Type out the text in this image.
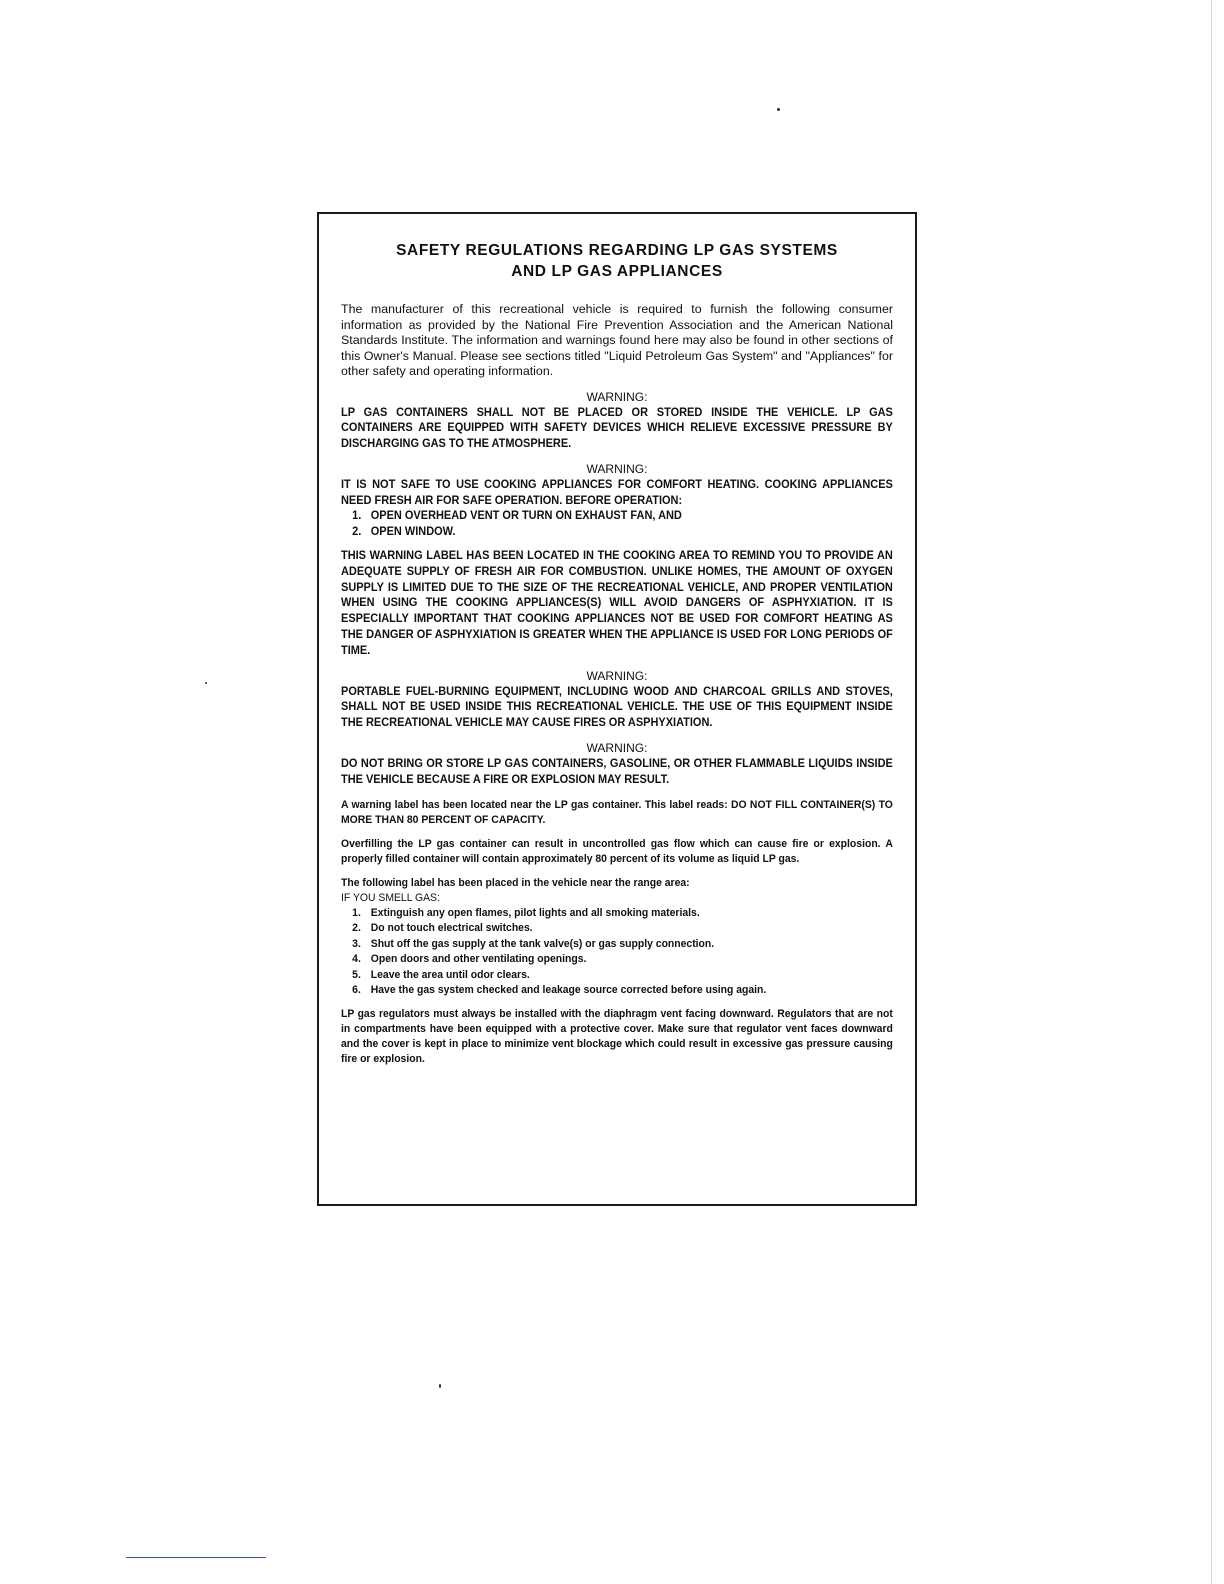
SAFETY REGULATIONS REGARDING LP GAS SYSTEMS
AND LP GAS APPLIANCES

The manufacturer of this recreational vehicle is required to furnish the following consumer information as provided by the National Fire Prevention Association and the American National Standards Institute. The information and warnings found here may also be found in other sections of this Owner's Manual. Please see sections titled "Liquid Petroleum Gas System" and "Appliances" for other safety and operating information.

WARNING:

LP GAS CONTAINERS SHALL NOT BE PLACED OR STORED INSIDE THE VEHICLE. LP GAS CONTAINERS ARE EQUIPPED WITH SAFETY DEVICES WHICH RELIEVE EXCESSIVE PRESSURE BY DISCHARGING GAS TO THE ATMOSPHERE.

WARNING:

IT IS NOT SAFE TO USE COOKING APPLIANCES FOR COMFORT HEATING. COOKING APPLIANCES NEED FRESH AIR FOR SAFE OPERATION. BEFORE OPERATION:

1. OPEN OVERHEAD VENT OR TURN ON EXHAUST FAN, AND
2. OPEN WINDOW.

THIS WARNING LABEL HAS BEEN LOCATED IN THE COOKING AREA TO REMIND YOU TO PROVIDE AN ADEQUATE SUPPLY OF FRESH AIR FOR COMBUSTION. UNLIKE HOMES, THE AMOUNT OF OXYGEN SUPPLY IS LIMITED DUE TO THE SIZE OF THE RECREATIONAL VEHICLE, AND PROPER VENTILATION WHEN USING THE COOKING APPLIANCES(S) WILL AVOID DANGERS OF ASPHYXIATION. IT IS ESPECIALLY IMPORTANT THAT COOKING APPLIANCES NOT BE USED FOR COMFORT HEATING AS THE DANGER OF ASPHYXIATION IS GREATER WHEN THE APPLIANCE IS USED FOR LONG PERIODS OF TIME.

WARNING:

PORTABLE FUEL-BURNING EQUIPMENT, INCLUDING WOOD AND CHARCOAL GRILLS AND STOVES, SHALL NOT BE USED INSIDE THIS RECREATIONAL VEHICLE. THE USE OF THIS EQUIPMENT INSIDE THE RECREATIONAL VEHICLE MAY CAUSE FIRES OR ASPHYXIATION.

WARNING:

DO NOT BRING OR STORE LP GAS CONTAINERS, GASOLINE, OR OTHER FLAMMABLE LIQUIDS INSIDE THE VEHICLE BECAUSE A FIRE OR EXPLOSION MAY RESULT.

A warning label has been located near the LP gas container. This label reads: DO NOT FILL CONTAINER(S) TO MORE THAN 80 PERCENT OF CAPACITY.

Overfilling the LP gas container can result in uncontrolled gas flow which can cause fire or explosion. A properly filled container will contain approximately 80 percent of its volume as liquid LP gas.

The following label has been placed in the vehicle near the range area:

IF YOU SMELL GAS:

1. Extinguish any open flames, pilot lights and all smoking materials.
2. Do not touch electrical switches.
3. Shut off the gas supply at the tank valve(s) or gas supply connection.
4. Open doors and other ventilating openings.
5. Leave the area until odor clears.
6. Have the gas system checked and leakage source corrected before using again.

LP gas regulators must always be installed with the diaphragm vent facing downward. Regulators that are not in compartments have been equipped with a protective cover. Make sure that regulator vent faces downward and the cover is kept in place to minimize vent blockage which could result in excessive gas pressure causing fire or explosion.
